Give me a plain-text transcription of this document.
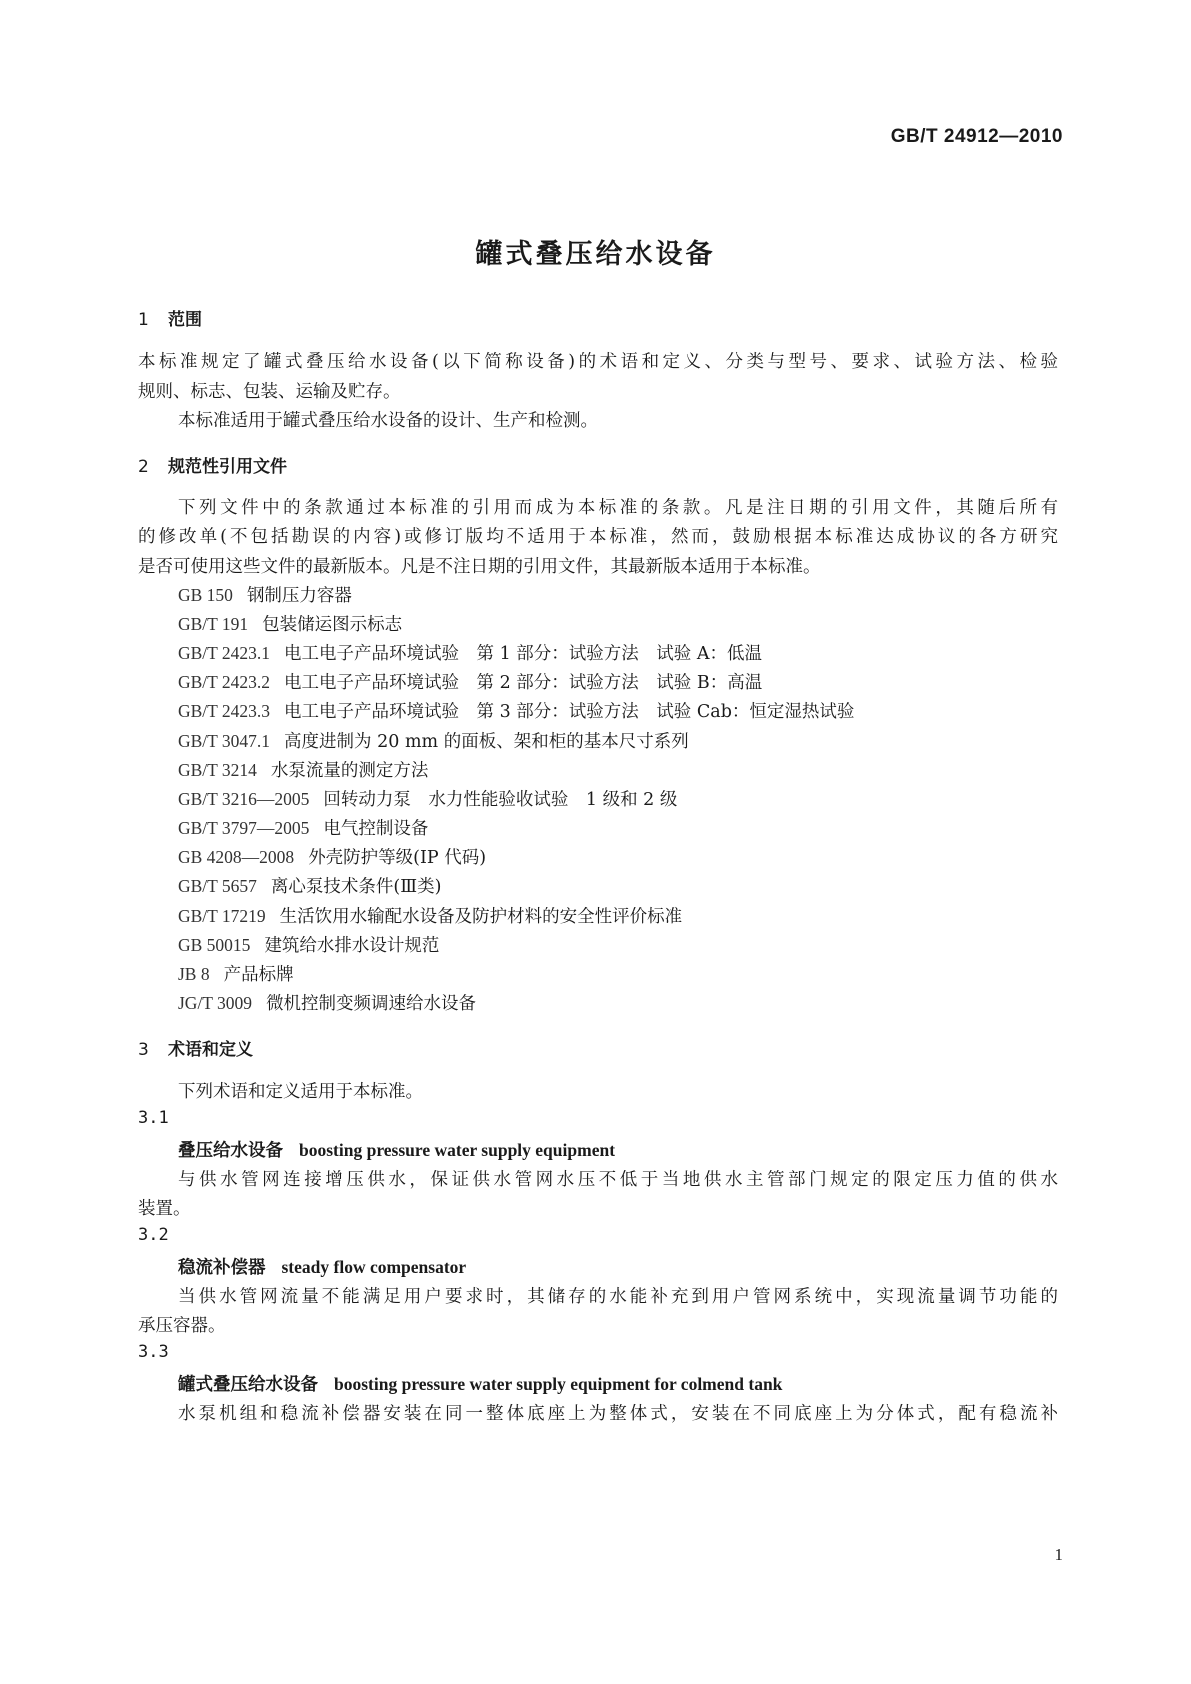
GB/T 24912—2010
罐式叠压给水设备
1 范围
本标准规定了罐式叠压给水设备(以下简称设备)的术语和定义、分类与型号、要求、试验方法、检验
规则、标志、包装、运输及贮存。
本标准适用于罐式叠压给水设备的设计、生产和检测。
2 规范性引用文件
下列文件中的条款通过本标准的引用而成为本标准的条款。凡是注日期的引用文件，其随后所有
的修改单(不包括勘误的内容)或修订版均不适用于本标准，然而，鼓励根据本标准达成协议的各方研究
是否可使用这些文件的最新版本。凡是不注日期的引用文件，其最新版本适用于本标准。
GB 150 钢制压力容器
GB/T 191 包装储运图示标志
GB/T 2423.1 电工电子产品环境试验　第 1 部分：试验方法　试验 A：低温
GB/T 2423.2 电工电子产品环境试验　第 2 部分：试验方法　试验 B：高温
GB/T 2423.3 电工电子产品环境试验　第 3 部分：试验方法　试验 Cab：恒定湿热试验
GB/T 3047.1 高度进制为 20 mm 的面板、架和柜的基本尺寸系列
GB/T 3214 水泵流量的测定方法
GB/T 3216—2005 回转动力泵　水力性能验收试验　1 级和 2 级
GB/T 3797—2005 电气控制设备
GB 4208—2008 外壳防护等级(IP 代码)
GB/T 5657 离心泵技术条件(Ⅲ类)
GB/T 17219 生活饮用水输配水设备及防护材料的安全性评价标准
GB 50015 建筑给水排水设计规范
JB 8 产品标牌
JG/T 3009 微机控制变频调速给水设备
3 术语和定义
下列术语和定义适用于本标准。
3.1
叠压给水设备 boosting pressure water supply equipment
与供水管网连接增压供水，保证供水管网水压不低于当地供水主管部门规定的限定压力值的供水
装置。
3.2
稳流补偿器 steady flow compensator
当供水管网流量不能满足用户要求时，其储存的水能补充到用户管网系统中，实现流量调节功能的
承压容器。
3.3
罐式叠压给水设备 boosting pressure water supply equipment for colmend tank
水泵机组和稳流补偿器安装在同一整体底座上为整体式，安装在不同底座上为分体式，配有稳流补
1
